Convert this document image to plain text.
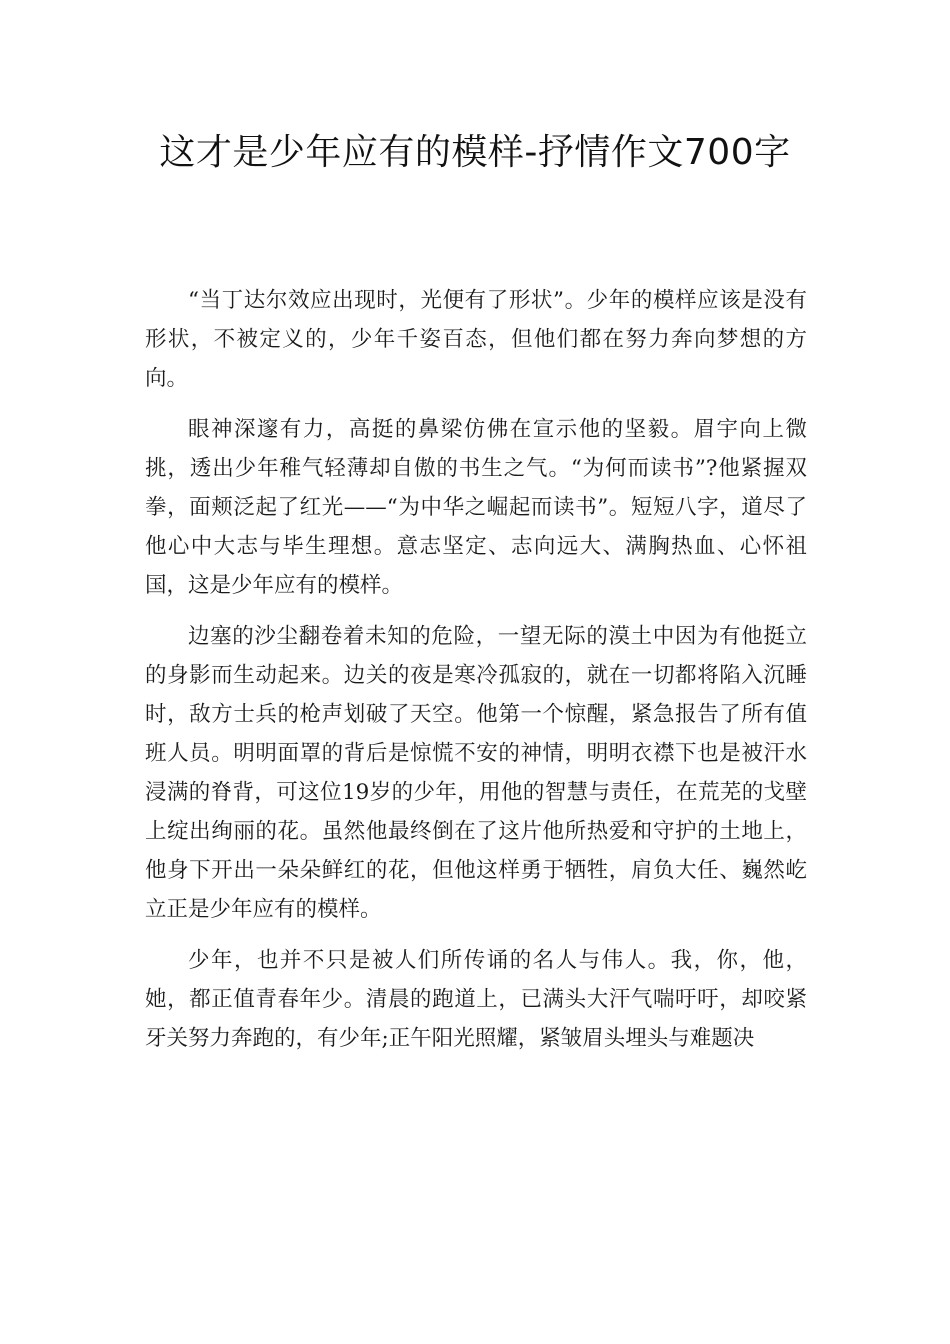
这才是少年应有的模样-抒情作文700字

“当丁达尔效应出现时，光便有了形状”。少年的模样应该是没有形状，不被定义的，少年千姿百态，但他们都在努力奔向梦想的方向。

眼神深邃有力，高挺的鼻梁仿佛在宣示他的坚毅。眉宇向上微挑，透出少年稚气轻薄却自傲的书生之气。“为何而读书”?他紧握双拳，面颊泛起了红光——“为中华之崛起而读书”。短短八字，道尽了他心中大志与毕生理想。意志坚定、志向远大、满胸热血、心怀祖国，这是少年应有的模样。

边塞的沙尘翻卷着未知的危险，一望无际的漠土中因为有他挺立的身影而生动起来。边关的夜是寒冷孤寂的，就在一切都将陷入沉睡时，敌方士兵的枪声划破了天空。他第一个惊醒，紧急报告了所有值班人员。明明面罩的背后是惊慌不安的神情，明明衣襟下也是被汗水浸满的脊背，可这位19岁的少年，用他的智慧与责任，在荒芜的戈壁上绽出绚丽的花。虽然他最终倒在了这片他所热爱和守护的土地上，他身下开出一朵朵鲜红的花，但他这样勇于牺牲，肩负大任、巍然屹立正是少年应有的模样。

少年，也并不只是被人们所传诵的名人与伟人。我，你，他，她，都正值青春年少。清晨的跑道上，已满头大汗气喘吁吁，却咬紧牙关努力奔跑的，有少年;正午阳光照耀，紧皱眉头埋头与难题决
